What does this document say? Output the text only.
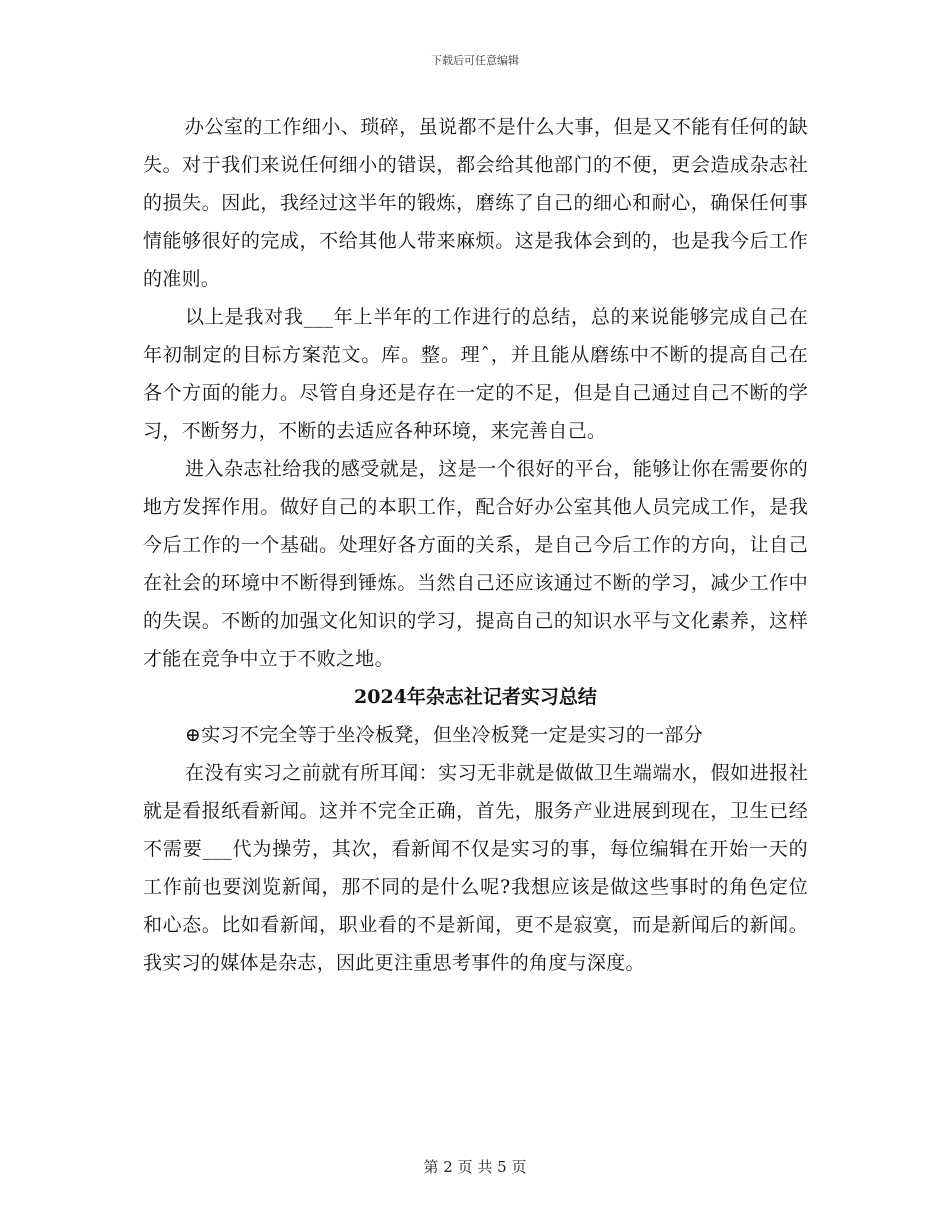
下载后可任意编辑

办公室的工作细小、琐碎，虽说都不是什么大事，但是又不能有任何的缺失。对于我们来说任何细小的错误，都会给其他部门的不便，更会造成杂志社的损失。因此，我经过这半年的锻炼，磨练了自己的细心和耐心，确保任何事情能够很好的完成，不给其他人带来麻烦。这是我体会到的，也是我今后工作的准则。

以上是我对我___年上半年的工作进行的总结，总的来说能够完成自己在年初制定的目标方案范文。库。整。理ˆ，并且能从磨练中不断的提高自己在各个方面的能力。尽管自身还是存在一定的不足，但是自己通过自己不断的学习，不断努力，不断的去适应各种环境，来完善自己。

进入杂志社给我的感受就是，这是一个很好的平台，能够让你在需要你的地方发挥作用。做好自己的本职工作，配合好办公室其他人员完成工作，是我今后工作的一个基础。处理好各方面的关系，是自己今后工作的方向，让自己在社会的环境中不断得到锤炼。当然自己还应该通过不断的学习，减少工作中的失误。不断的加强文化知识的学习，提高自己的知识水平与文化素养，这样才能在竞争中立于不败之地。

2024年杂志社记者实习总结

⊕实习不完全等于坐冷板凳，但坐冷板凳一定是实习的一部分

在没有实习之前就有所耳闻：实习无非就是做做卫生端端水，假如进报社就是看报纸看新闻。这并不完全正确，首先，服务产业进展到现在，卫生已经不需要___代为操劳，其次，看新闻不仅是实习的事，每位编辑在开始一天的工作前也要浏览新闻，那不同的是什么呢?我想应该是做这些事时的角色定位和心态。比如看新闻，职业看的不是新闻，更不是寂寞，而是新闻后的新闻。我实习的媒体是杂志，因此更注重思考事件的角度与深度。

第 2 页 共 5 页
